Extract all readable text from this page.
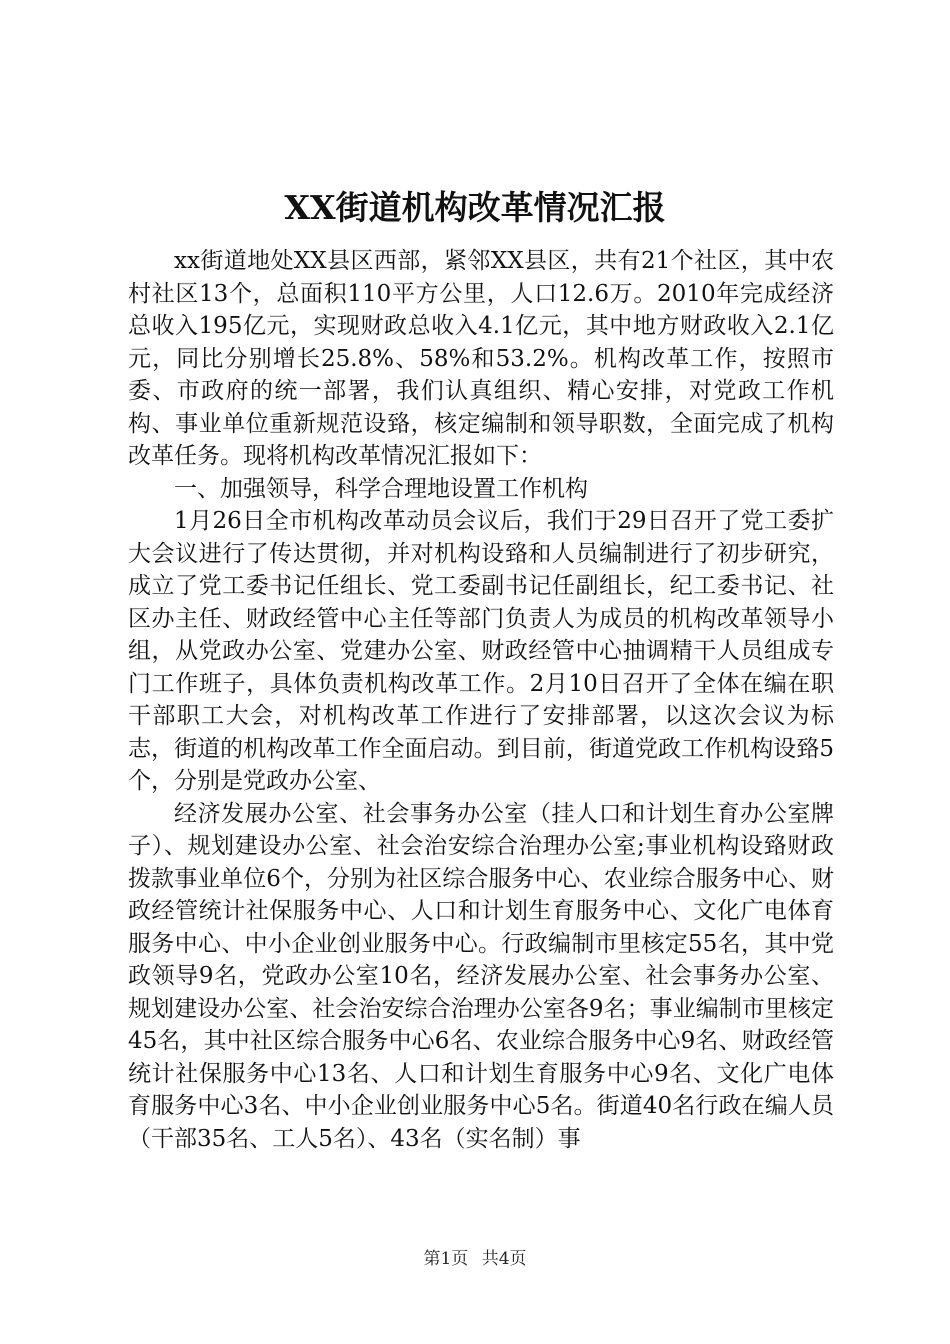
XX街道机构改革情况汇报

xx街道地处XX县区西部，紧邻XX县区，共有21个社区，其中农村社区13个，总面积110平方公里，人口12.6万。2010年完成经济总收入195亿元，实现财政总收入4.1亿元，其中地方财政收入2.1亿元，同比分别增长25.8%、58%和53.2%。机构改革工作，按照市委、市政府的统一部署，我们认真组织、精心安排，对党政工作机构、事业单位重新规范设臵，核定编制和领导职数，全面完成了机构改革任务。现将机构改革情况汇报如下：

一、加强领导，科学合理地设置工作机构

1月26日全市机构改革动员会议后，我们于29日召开了党工委扩大会议进行了传达贯彻，并对机构设臵和人员编制进行了初步研究，成立了党工委书记任组长、党工委副书记任副组长，纪工委书记、社区办主任、财政经管中心主任等部门负责人为成员的机构改革领导小组，从党政办公室、党建办公室、财政经管中心抽调精干人员组成专门工作班子，具体负责机构改革工作。2月10日召开了全体在编在职干部职工大会，对机构改革工作进行了安排部署，以这次会议为标志，街道的机构改革工作全面启动。到目前，街道党政工作机构设臵5个，分别是党政办公室、

经济发展办公室、社会事务办公室（挂人口和计划生育办公室牌子）、规划建设办公室、社会治安综合治理办公室;事业机构设臵财政拨款事业单位6个，分别为社区综合服务中心、农业综合服务中心、财政经管统计社保服务中心、人口和计划生育服务中心、文化广电体育服务中心、中小企业创业服务中心。行政编制市里核定55名，其中党政领导9名，党政办公室10名，经济发展办公室、社会事务办公室、规划建设办公室、社会治安综合治理办公室各9名；事业编制市里核定45名，其中社区综合服务中心6名、农业综合服务中心9名、财政经管统计社保服务中心13名、人口和计划生育服务中心9名、文化广电体育服务中心3名、中小企业创业服务中心5名。街道40名行政在编人员（干部35名、工人5名）、43名（实名制）事

第1页 共4页
